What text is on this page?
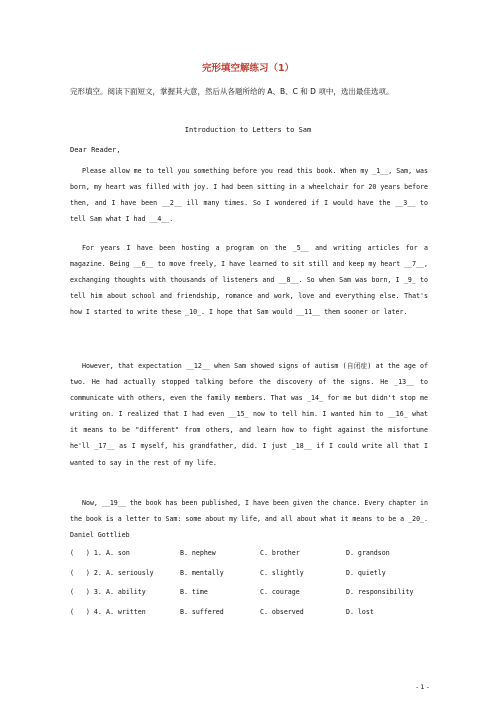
完形填空解练习（1）
完形填空。阅读下面短文，掌握其大意，然后从各题所给的 A、B、C 和 D 项中，选出最佳选项。
Introduction to Letters to Sam
Dear Reader,
Please allow me to tell you something before you read this book. When my _1__, Sam, was born, my heart was filled with joy. I had been sitting in a wheelchair for 20 years before then, and I have been __2__ ill many times. So I wondered if I would have the __3__ to tell Sam what I had __4__.
For years I have been hosting a program on the _5__ and writing articles for a magazine. Being __6__ to move freely, I have learned to sit still and keep my heart __7__, exchanging thoughts with thousands of listeners and __8__. So when Sam was born, I _9_ to tell him about school and friendship, romance and work, love and everything else. That's how I started to write these _10_. I hope that Sam would __11__ them sooner or later.
However, that expectation __12__ when Sam showed signs of autism (自闭症) at the age of two. He had actually stopped talking before the discovery of the signs. He _13__ to communicate with others, even the family members. That was _14_ for me but didn't stop me writing on. I realized that I had even __15_ now to tell him. I wanted him to __16_ what it means to be "different" from others, and learn how to fight against the misfortune he'll _17__ as I myself, his grandfather, did. I just _18__ if I could write all that I wanted to say in the rest of my life.
Now, __19__ the book has been published, I have been given the chance. Every chapter in the book is a letter to Sam: some about my life, and all about what it means to be a _20_. Daniel Gottlieb

(   ) 1.

A. son

	B. nephew

	C. brother

	D. grandson

(   ) 2.

A. seriously

	B. mentally

	C. slightly

	D. quietly

(   ) 3.

A. ability

	B. time

	C. courage

	D. responsibility

(   ) 4.

A. written

	B. suffered

	C. observed

	D. lost

- 1 -
